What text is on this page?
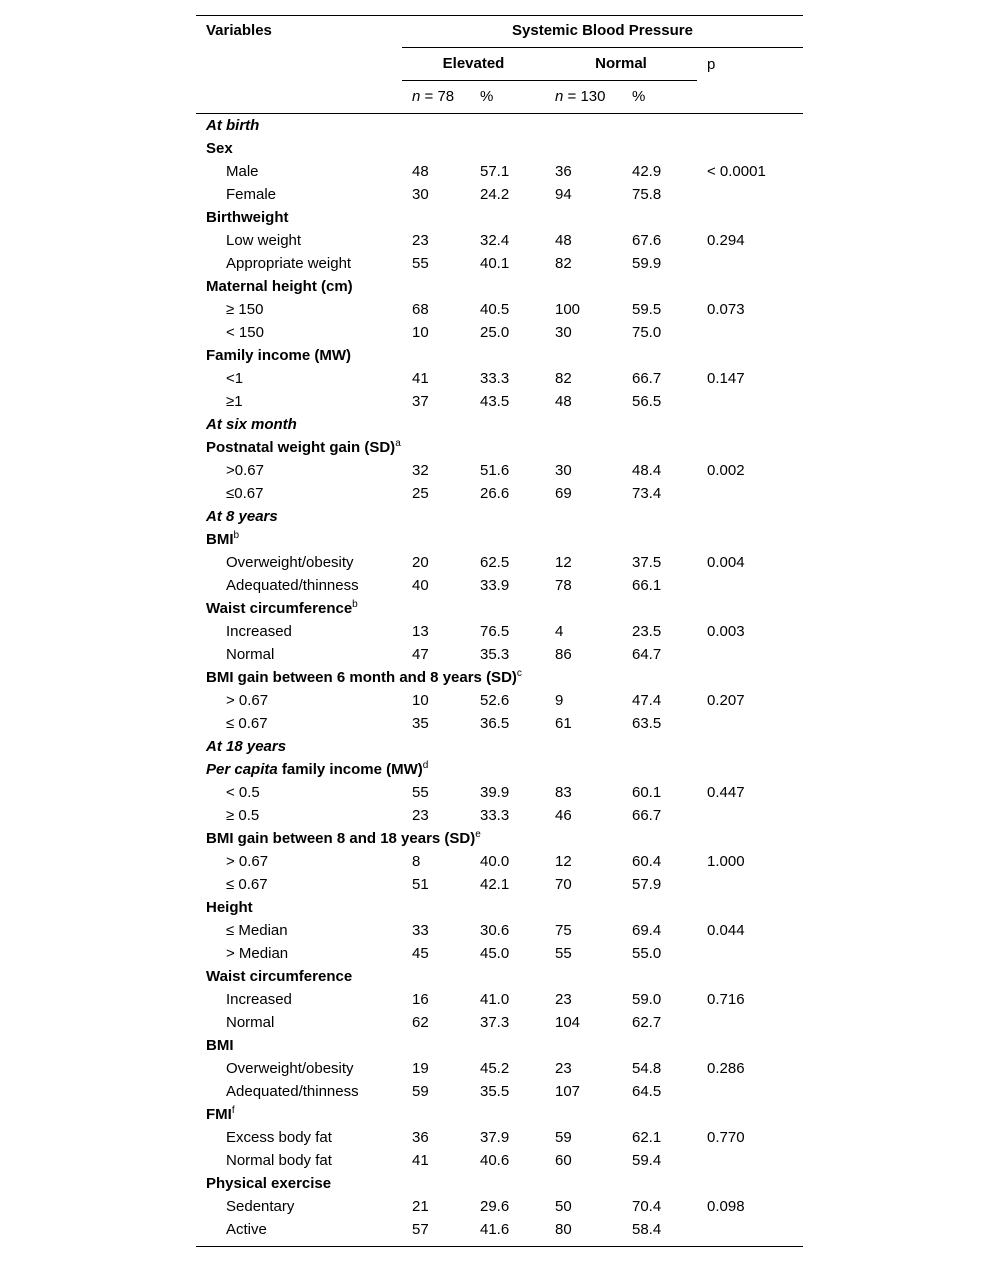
Variables	Systemic Blood Pressure
Elevated	Normal	p
n = 78 %	n = 130 %
At birth
Sex
Male	48	57.1	36	42.9	< 0.0001
Female	30	24.2	94	75.8
Birthweight
Low weight	23	32.4	48	67.6	0.294
Appropriate weight	55	40.1	82	59.9
Maternal height (cm)
≥ 150	68	40.5	100	59.5	0.073
< 150	10	25.0	30	75.0
Family income (MW)
<1	41	33.3	82	66.7	0.147
≥1	37	43.5	48	56.5
At six month
Postnatal weight gain (SD)$^a$
>0.67	32	51.6	30	48.4	0.002
≤0.67	25	26.6	69	73.4
At 8 years
BMI$^b$
Overweight/obesity	20	62.5	12	37.5	0.004
Adequated/thinness	40	33.9	78	66.1
Waist circumference$^b$
Increased	13	76.5	4	23.5	0.003
Normal	47	35.3	86	64.7
BMI gain between 6 month and 8 years (SD)$^c$
> 0.67	10	52.6	9	47.4	0.207
≤ 0.67	35	36.5	61	63.5
At 18 years
Per capita family income (MW)$^d$
< 0.5	55	39.9	83	60.1	0.447
≥ 0.5	23	33.3	46	66.7
BMI gain between 8 and 18 years (SD)$^e$
> 0.67	8	40.0	12	60.4	1.000
≤ 0.67	51	42.1	70	57.9
Height
≤ Median	33	30.6	75	69.4	0.044
> Median	45	45.0	55	55.0
Waist circumference
Increased	16	41.0	23	59.0	0.716
Normal	62	37.3	104	62.7
BMI
Overweight/obesity	19	45.2	23	54.8	0.286
Adequated/thinness	59	35.5	107	64.5
FMI$^f$
Excess body fat	36	37.9	59	62.1	0.770
Normal body fat	41	40.6	60	59.4
Physical exercise
Sedentary	21	29.6	50	70.4	0.098
Active	57	41.6	80	58.4
